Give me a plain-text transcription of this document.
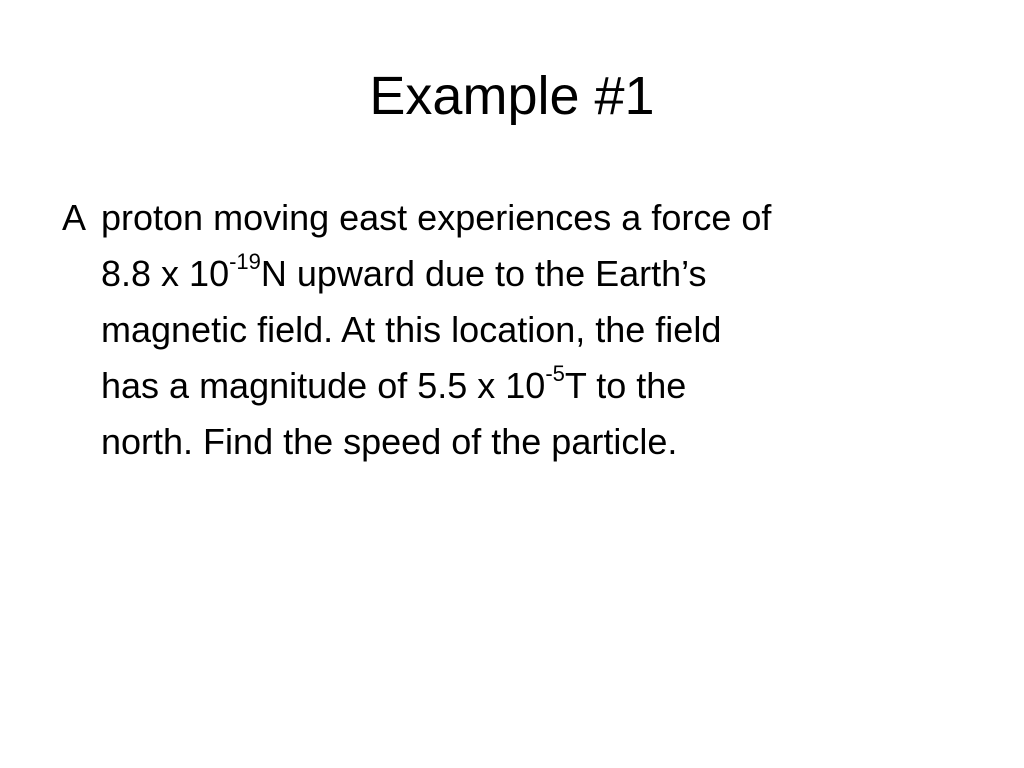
Example #1
A proton moving east experiences a force of
8.8 x $10^{-19}N$ upward due to the Earth’s
magnetic field. At this location, the field
has a magnitude of 5.5 x $10^{-5}T$ to the
north. Find the speed of the particle.
